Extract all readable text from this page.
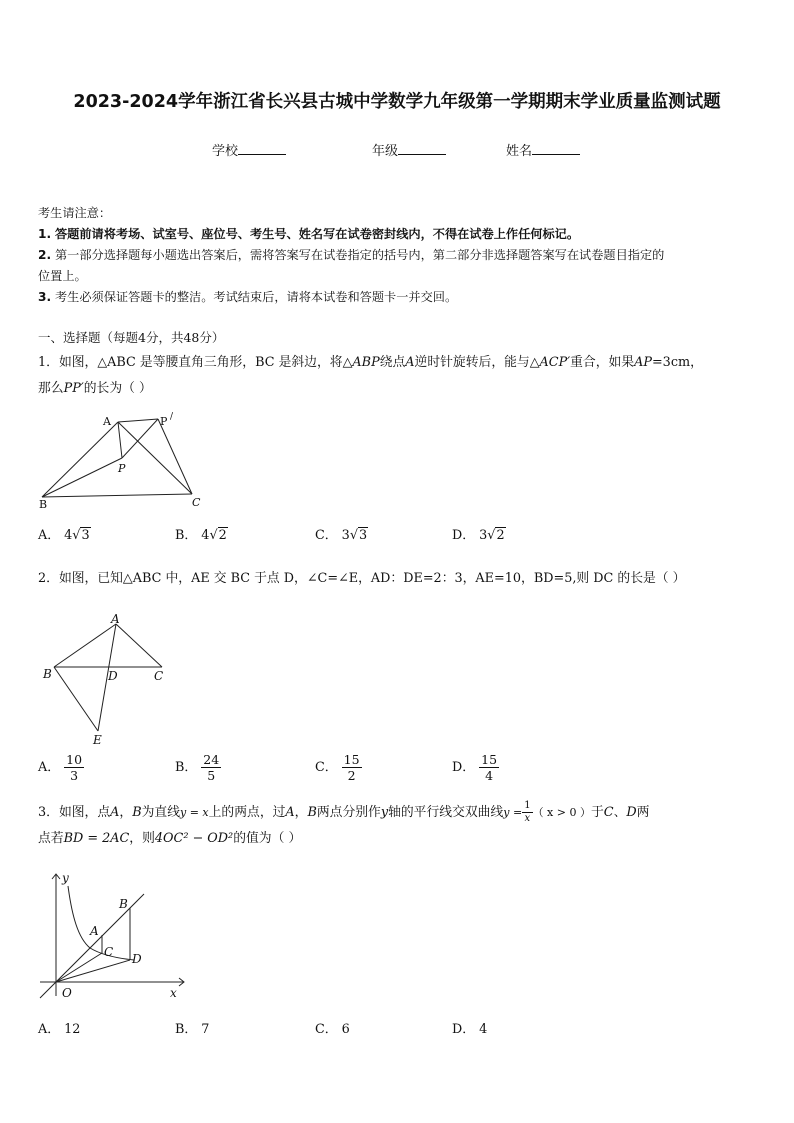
2023-2024学年浙江省长兴县古城中学数学九年级第一学期期末学业质量监测试题
学校	年级	姓名

考生请注意：

1. 答题前请将考场、试室号、座位号、考生号、姓名写在试卷密封线内，不得在试卷上作任何标记。

2. 第一部分选择题每小题选出答案后，需将答案写在试卷指定的括号内，第二部分非选择题答案写在试卷题目指定的

位置上。

3. 考生必须保证答题卡的整洁。考试结束后，请将本试卷和答题卡一并交回。

一、选择题（每题4分，共48分）
1．如图，△ABC 是等腰直角三角形，BC 是斜边，将△ABP绕点A逆时针旋转后，能与△ACP′重合，如果AP=3cm，
那么PP′的长为（ ）
A	P /
P
B	C
A． 4√3	B． 4√2	C． 3√3	D． 3√2
2．如图，已知△ABC 中，AE 交 BC 于点 D，∠C=∠E，AD：DE=2：3，AE=10，BD=5,则 DC 的长是（ ）
A
B	D	C
E
A． $\frac{10}{3}$	B． $\frac{24}{5}$	C． $\frac{15}{2}$	D． $\frac{15}{4}$
3．如图，点A，B为直线y = x上的两点，过A，B两点分别作y轴的平行线交双曲线$y = \frac{1}{x}$ （ x > 0 ）于C、D两
点若BD = 2AC，则4OC² − OD²的值为（ ）
y
B
A
C D
O	x
A． 12	B． 7	C． 6	D． 4
